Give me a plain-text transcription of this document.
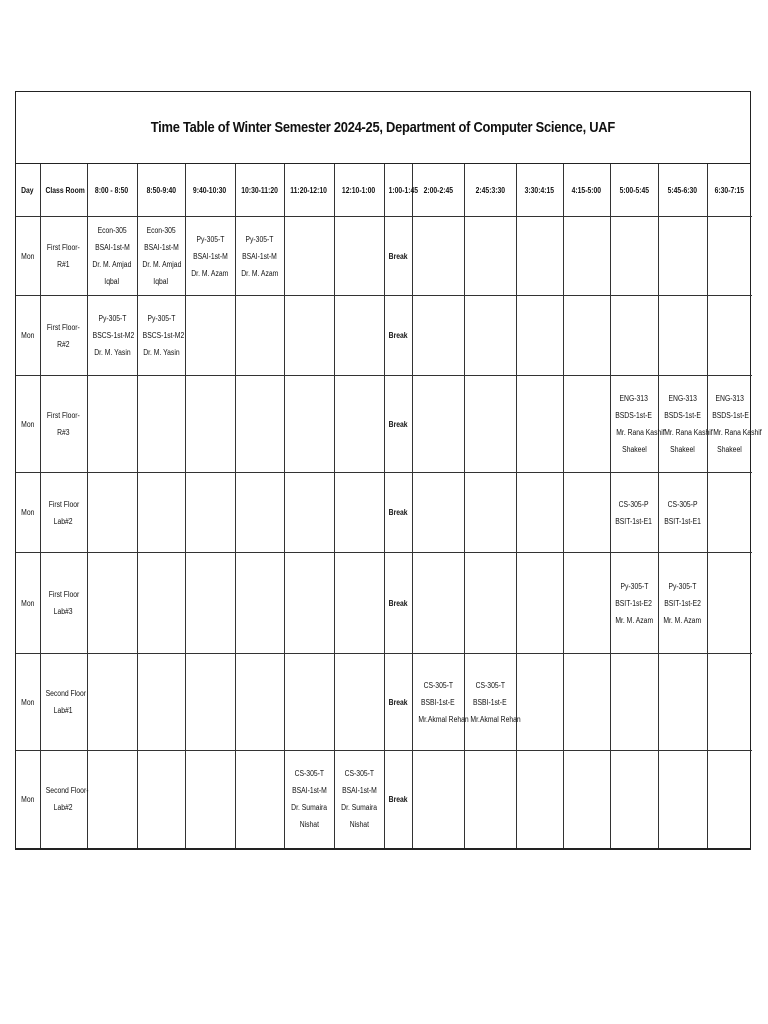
Time Table of Winter Semester 2024-25, Department of Computer Science, UAF
Day	Class Room	8:00 - 8:50	8:50-9:40	9:40-10:30	10:30-11:20	11:20-12:10	12:10-1:00	1:00-1:45	2:00-2:45	2:45:3:30	3:30:4:15	4:15-5:00	5:00-5:45	5:45-6:30	6:30-7:15
Mon	First Floor-
R#1	Econ-305
BSAI-1st-M
Dr. M. Amjad
Iqbal	Econ-305
BSAI-1st-M
Dr. M. Amjad
Iqbal	Py-305-T
BSAI-1st-M
Dr. M. Azam	Py-305-T
BSAI-1st-M
Dr. M. Azam			Break							

Mon	First Floor-
R#2	Py-305-T
BSCS-1st-M2
Dr. M. Yasin	Py-305-T
BSCS-1st-M2
Dr. M. Yasin					Break							

Mon	First Floor-
R#3							Break					ENG-313
BSDS-1st-E
Mr. Rana Kashif
Shakeel	ENG-313
BSDS-1st-E
Mr. Rana Kashif
Shakeel	ENG-313
BSDS-1st-E
Mr. Rana Kashif
Shakeel

Mon	First Floor
Lab#2							Break					CS-305-P
BSIT-1st-E1	CS-305-P
BSIT-1st-E1	

Mon	First Floor
Lab#3							Break					Py-305-T
BSIT-1st-E2
Mr. M. Azam	Py-305-T
BSIT-1st-E2
Mr. M. Azam	

Mon	Second Floor
Lab#1							Break	CS-305-T
BSBI-1st-E
Mr.Akmal Rehan	CS-305-T
BSBI-1st-E
Mr.Akmal Rehan					

Mon	Second Floor-
Lab#2					CS-305-T
BSAI-1st-M
Dr. Sumaira
Nishat	CS-305-T
BSAI-1st-M
Dr. Sumaira
Nishat	Break							
